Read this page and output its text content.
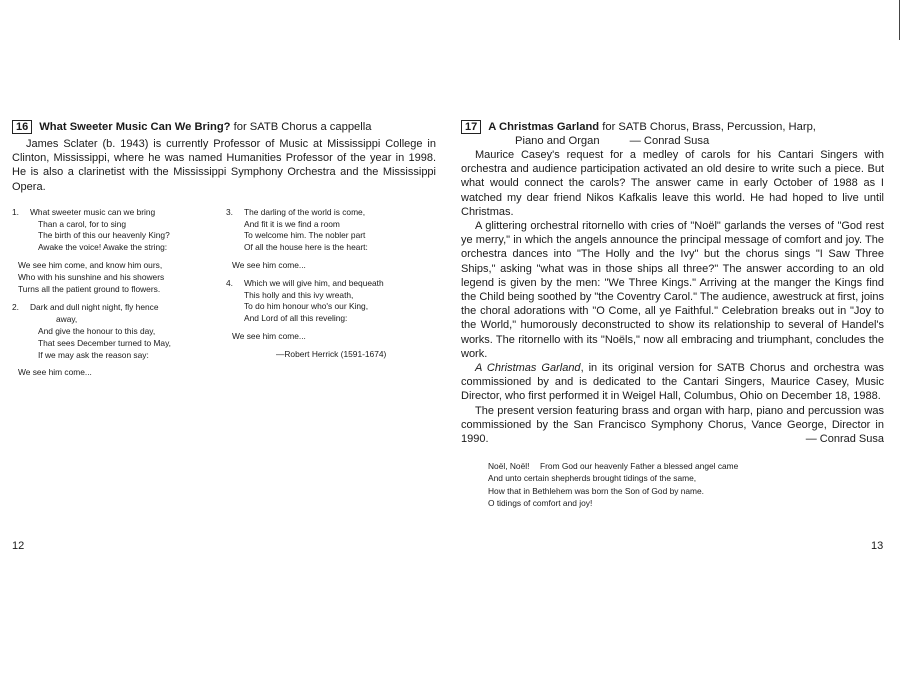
16 What Sweeter Music Can We Bring? for SATB Chorus a cappella

James Sclater (b. 1943) is currently Professor of Music at Mississippi College in Clinton, Mississippi, where he was named Humanities Professor of the year in 1998. He is also a clarinetist with the Mississippi Symphony Orchestra and the Mississippi Opera.

1. What sweeter music can we bring
Than a carol, for to sing
The birth of this our heavenly King?
Awake the voice! Awake the string:
We see him come, and know him ours,
Who with his sunshine and his showers
Turns all the patient ground to flowers.
2. Dark and dull night night, fly hence
away,
And give the honour to this day,
That sees December turned to May,
If we may ask the reason say:
We see him come...
3. The darling of the world is come,
And fit it is we find a room
To welcome him. The nobler part
Of all the house here is the heart:
We see him come...
4. Which we will give him, and bequeath
This holly and this ivy wreath,
To do him honour who's our King,
And Lord of all this reveling:
We see him come...
—Robert Herrick (1591-1674)
17 A Christmas Garland for SATB Chorus, Brass, Percussion, Harp,
Piano and Organ	— Conrad Susa

Maurice Casey's request for a medley of carols for his Cantari Singers with orchestra and audience participation activated an old desire to write such a piece. But what would connect the carols? The answer came in early October of 1988 as I watched my dear friend Nikos Kafkalis leave this world. He had hoped to live until Christmas.

A glittering orchestral ritornello with cries of "Noël" garlands the verses of "God rest ye merry," in which the angels announce the principal message of comfort and joy. The orchestra dances into "The Holly and the Ivy" but the chorus sings "I Saw Three Ships," asking "what was in those ships all three?" The answer according to an old legend is given by the men: "We Three Kings." Arriving at the manger the Kings find the Child being soothed by "the Coventry Carol." The audience, awestruck at first, joins the choral adorations with "O Come, all ye Faithful." Celebration breaks out in "Joy to the World," humorously deconstructed to show its relationship to several of Handel's works. The ritornello with its "Noëls," now all embracing and triumphant, concludes the work.

A Christmas Garland, in its original version for SATB Chorus and orchestra was commissioned by and is dedicated to the Cantari Singers, Maurice Casey, Music Director, who first performed it in Weigel Hall, Columbus, Ohio on December 18, 1988.

The present version featuring brass and organ with harp, piano and percussion was commissioned by the San Francisco Symphony Chorus, Vance George, Director in 1990.	— Conrad Susa

Noël, Noël! From God our heavenly Father a blessed angel came
And unto certain shepherds brought tidings of the same,
How that in Bethlehem was born the Son of God by name.
O tidings of comfort and joy!
12	13
